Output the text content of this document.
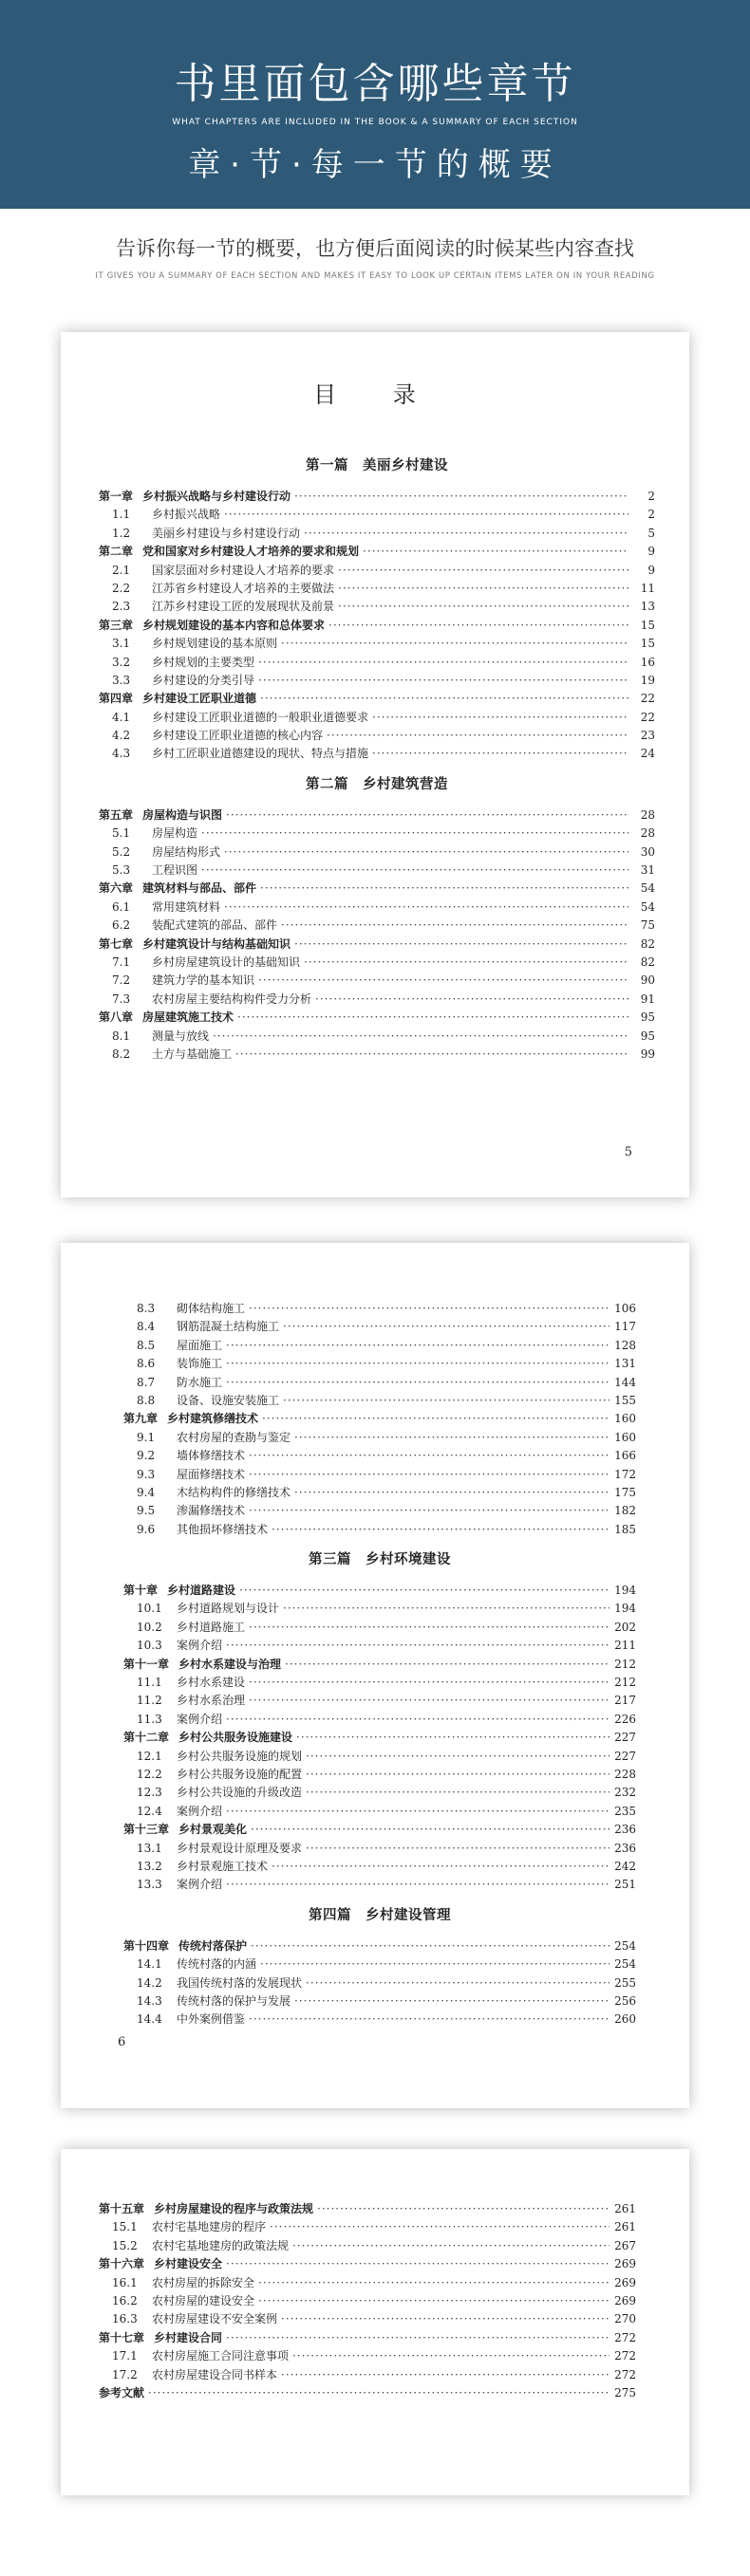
书里面包含哪些章节
WHAT CHAPTERS ARE INCLUDED IN THE BOOK & A SUMMARY OF EACH SECTION
章·节·每一节的概要
告诉你每一节的概要，也方便后面阅读的时候某些内容查找
IT GIVES YOU A SUMMARY OF EACH SECTION AND MAKES IT EASY TO LOOK UP CERTAIN ITEMS LATER ON IN YOUR READING
目 录
第一篇　美丽乡村建设
第一章 乡村振兴战略与乡村建设行动 ·····	2
1.1	乡村振兴战略 ·····	2
1.2	美丽乡村建设与乡村建设行动 ·····	5
第二章 党和国家对乡村建设人才培养的要求和规划 ·····	9
2.1	国家层面对乡村建设人才培养的要求 ·····	9
2.2	江苏省乡村建设人才培养的主要做法 ·····	11
2.3	江苏乡村建设工匠的发展现状及前景 ·····	13
第三章 乡村规划建设的基本内容和总体要求 ·····	15
3.1	乡村规划建设的基本原则 ·····	15
3.2	乡村规划的主要类型 ·····	16
3.3	乡村建设的分类引导 ·····	19
第四章 乡村建设工匠职业道德 ·····	22
4.1	乡村建设工匠职业道德的一般职业道德要求 ·····	22
4.2	乡村建设工匠职业道德的核心内容 ·····	23
4.3	乡村工匠职业道德建设的现状、特点与措施 ·····	24
第二篇　乡村建筑营造
第五章 房屋构造与识图 ·····	28
5.1	房屋构造 ·····	28
5.2	房屋结构形式 ·····	30
5.3	工程识图 ·····	31
第六章 建筑材料与部品、部件 ·····	54
6.1	常用建筑材料 ·····	54
6.2	装配式建筑的部品、部件 ·····	75
第七章 乡村建筑设计与结构基础知识 ·····	82
7.1	乡村房屋建筑设计的基础知识 ·····	82
7.2	建筑力学的基本知识 ·····	90
7.3	农村房屋主要结构构件受力分析 ·····	91
第八章 房屋建筑施工技术 ·····	95
8.1	测量与放线 ·····	95
8.2	土方与基础施工 ·····	99
5
8.3	砌体结构施工 ·····	106
8.4	钢筋混凝土结构施工 ·····	117
8.5	屋面施工 ·····	128
8.6	装饰施工 ·····	131
8.7	防水施工 ·····	144
8.8	设备、设施安装施工 ·····	155
第九章 乡村建筑修缮技术 ·····	160
9.1	农村房屋的查勘与鉴定 ·····	160
9.2	墙体修缮技术 ·····	166
9.3	屋面修缮技术 ·····	172
9.4	木结构构件的修缮技术 ·····	175
9.5	渗漏修缮技术 ·····	182
9.6	其他损坏修缮技术 ·····	185
第三篇　乡村环境建设
第十章 乡村道路建设 ·····	194
10.1	乡村道路规划与设计 ·····	194
10.2	乡村道路施工 ·····	202
10.3	案例介绍 ·····	211
第十一章 乡村水系建设与治理 ·····	212
11.1	乡村水系建设 ·····	212
11.2	乡村水系治理 ·····	217
11.3	案例介绍 ·····	226
第十二章 乡村公共服务设施建设 ·····	227
12.1	乡村公共服务设施的规划 ·····	227
12.2	乡村公共服务设施的配置 ·····	228
12.3	乡村公共设施的升级改造 ·····	232
12.4	案例介绍 ·····	235
第十三章 乡村景观美化 ·····	236
13.1	乡村景观设计原理及要求 ·····	236
13.2	乡村景观施工技术 ·····	242
13.3	案例介绍 ·····	251
第四篇　乡村建设管理
第十四章 传统村落保护 ·····	254
14.1	传统村落的内涵 ·····	254
14.2	我国传统村落的发展现状 ·····	255
14.3	传统村落的保护与发展 ·····	256
14.4	中外案例借鉴 ·····	260
6
第十五章 乡村房屋建设的程序与政策法规 ·····	261
15.1	农村宅基地建房的程序 ·····	261
15.2	农村宅基地建房的政策法规 ·····	267
第十六章 乡村建设安全 ·····	269
16.1	农村房屋的拆除安全 ·····	269
16.2	农村房屋的建设安全 ·····	269
16.3	农村房屋建设不安全案例 ·····	270
第十七章 乡村建设合同 ·····	272
17.1	农村房屋施工合同注意事项 ·····	272
17.2	农村房屋建设合同书样本 ·····	272
参考文献 ·····	275
